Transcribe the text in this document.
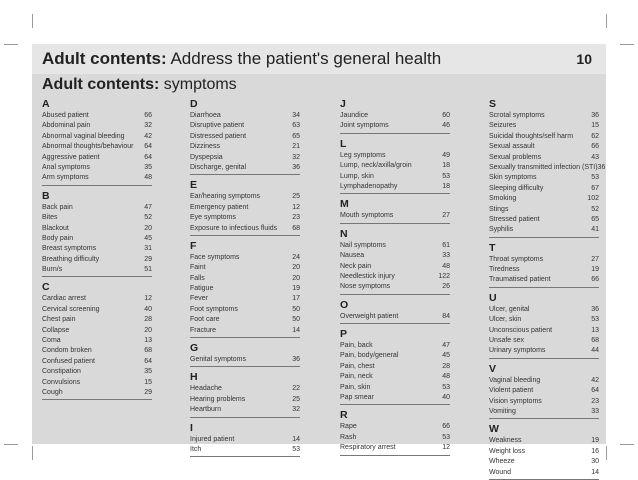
Adult contents: Address the patient's general health	10
Adult contents: symptoms
A
Abused patient	66
Abdominal pain	32
Abnormal vaginal bleeding	42
Abnormal thoughts/behaviour 64
Aggressive patient	64
Anal symptoms	35
Arm symptoms	48
B
Back pain	47
Bites	52
Blackout	20
Body pain	45
Breast symptoms	31
Breathing difficulty	29
Burn/s	51
C
Cardiac arrest	12
Cervical screening	40
Chest pain	28
Collapse	20
Coma	13
Condom broken	68
Confused patient	64
Constipation	35
Convulsions	15
Cough	29
D
Diarrhoea	34
Disruptive patient	63
Distressed patient	65
Dizziness	21
Dyspepsia	32
Discharge, genital	36
E
Ear/hearing symptoms	25
Emergency patient	12
Eye symptoms	23
Exposure to infectious fluids 68
F
Face symptoms	24
Faint	20
Falls	20
Fatigue	19
Fever	17
Foot symptoms	50
Foot care	50
Fracture	14
G
Genital symptoms	36
H
Headache	22
Hearing problems	25
Heartburn	32
I
Injured patient	14
Itch	53
J
Jaundice	60
Joint symptoms	46
L
Leg symptoms	49
Lump, neck/axilla/groin	18
Lump, skin	53
Lymphadenopathy	18
M
Mouth symptoms	27
N
Nail symptoms	61
Nausea	33
Neck pain	48
Needlestick injury	122
Nose symptoms	26
O
Overweight patient	84
P
Pain, back	47
Pain, body/general	45
Pain, chest	28
Pain, neck	48
Pain, skin	53
Pap smear	40
R
Rape	66
Rash	53
Respiratory arrest	12
S
Scrotal symptoms	36
Seizures	15
Suicidal thoughts/self harm	62
Sexual assault	66
Sexual problems	43
Sexually transmitted infection (STI) 36
Skin symptoms	53
Sleeping difficulty	67
Smoking	102
Stings	52
Stressed patient	65
Syphilis	41
T
Throat symptoms	27
Tiredness	19
Traumatised patient	66
U
Ulcer, genital	36
Ulcer, skin	53
Unconscious patient	13
Unsafe sex	68
Urinary symptoms	44
V
Vaginal bleeding	42
Violent patient	64
Vision symptoms	23
Vomiting	33
W
Weakness	19
Weight loss	16
Wheeze	30
Wound	14
